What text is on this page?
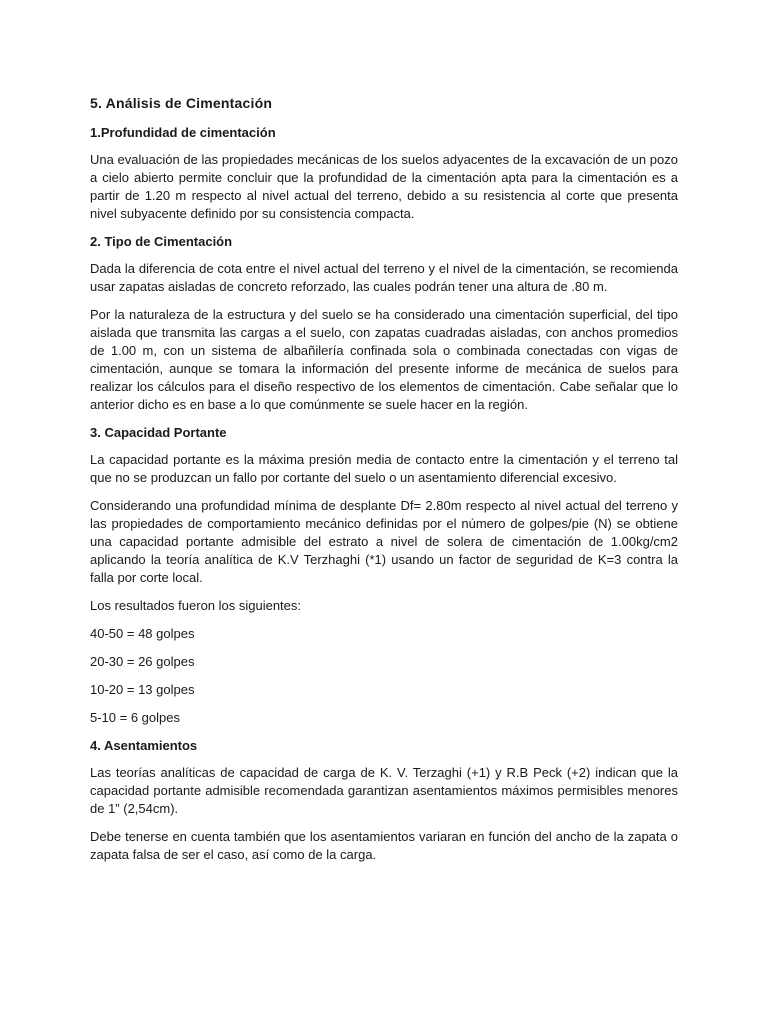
5. Análisis de Cimentación
1.Profundidad de cimentación

Una evaluación de las propiedades mecánicas de los suelos adyacentes de la excavación de un pozo a cielo abierto permite concluir que la profundidad de la cimentación apta para la cimentación es a partir de 1.20 m respecto al nivel actual del terreno, debido a su resistencia al corte que presenta nivel subyacente definido por su consistencia compacta.

2. Tipo de Cimentación

Dada la diferencia de cota entre el nivel actual del terreno y el nivel de la cimentación, se recomienda usar zapatas aisladas de concreto reforzado, las cuales podrán tener una altura de .80 m.

Por la naturaleza de la estructura y del suelo se ha considerado una cimentación superficial, del tipo aislada que transmita las cargas a el suelo, con zapatas cuadradas aisladas, con anchos promedios de 1.00 m, con un sistema de albañilería confinada sola o combinada conectadas con vigas de cimentación, aunque se tomara la información del presente informe de mecánica de suelos para realizar los cálculos para el diseño respectivo de los elementos de cimentación. Cabe señalar que lo anterior dicho es en base a lo que comúnmente se suele hacer en la región.

3. Capacidad Portante

La capacidad portante es la máxima presión media de contacto entre la cimentación y el terreno tal que no se produzcan un fallo por cortante del suelo o un asentamiento diferencial excesivo.

Considerando una profundidad mínima de desplante Df= 2.80m respecto al nivel actual del terreno y las propiedades de comportamiento mecánico definidas por el número de golpes/pie (N) se obtiene una capacidad portante admisible del estrato a nivel de solera de cimentación de 1.00kg/cm2 aplicando la teoría analítica de K.V Terzhaghi (*1) usando un factor de seguridad de K=3 contra la falla por corte local.

Los resultados fueron los siguientes:

40-50 = 48 golpes

20-30 = 26 golpes

10-20 = 13 golpes

5-10 = 6 golpes

4. Asentamientos

Las teorías analíticas de capacidad de carga de K. V. Terzaghi (+1) y R.B Peck (+2) indican que la capacidad portante admisible recomendada garantizan asentamientos máximos permisibles menores de 1” (2,54cm).

Debe tenerse en cuenta también que los asentamientos variaran en función del ancho de la zapata o zapata falsa de ser el caso, así como de la carga.
